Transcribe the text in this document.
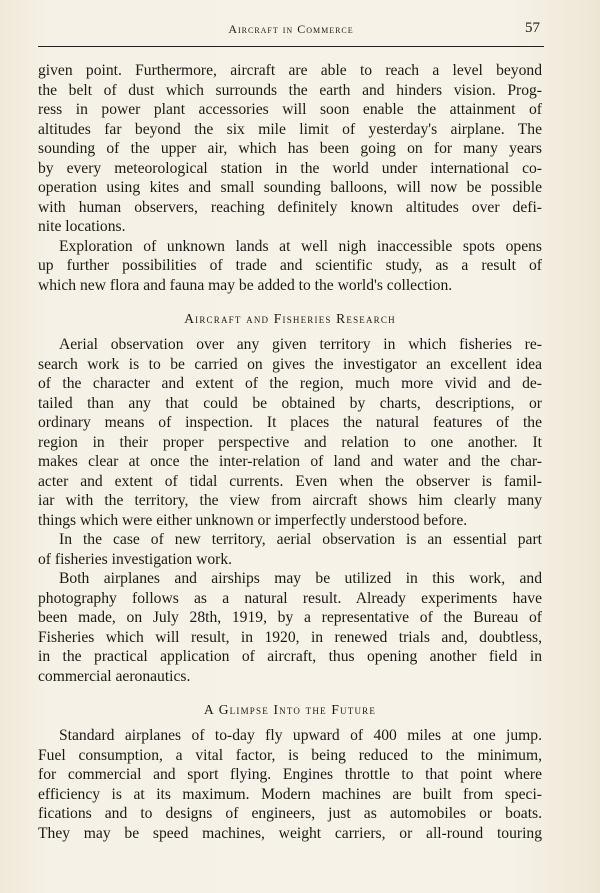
Aircraft in Commerce	57
given point. Furthermore, aircraft are able to reach a level beyond
the belt of dust which surrounds the earth and hinders vision. Prog-
ress in power plant accessories will soon enable the attainment of
altitudes far beyond the six mile limit of yesterday's airplane. The
sounding of the upper air, which has been going on for many years
by every meteorological station in the world under international co-
operation using kites and small sounding balloons, will now be possible
with human observers, reaching definitely known altitudes over defi-
nite locations.
Exploration of unknown lands at well nigh inaccessible spots opens
up further possibilities of trade and scientific study, as a result of
which new flora and fauna may be added to the world's collection.
Aircraft and Fisheries Research
Aerial observation over any given territory in which fisheries re-
search work is to be carried on gives the investigator an excellent idea
of the character and extent of the region, much more vivid and de-
tailed than any that could be obtained by charts, descriptions, or
ordinary means of inspection. It places the natural features of the
region in their proper perspective and relation to one another. It
makes clear at once the inter-relation of land and water and the char-
acter and extent of tidal currents. Even when the observer is famil-
iar with the territory, the view from aircraft shows him clearly many
things which were either unknown or imperfectly understood before.
In the case of new territory, aerial observation is an essential part
of fisheries investigation work.
Both airplanes and airships may be utilized in this work, and
photography follows as a natural result. Already experiments have
been made, on July 28th, 1919, by a representative of the Bureau of
Fisheries which will result, in 1920, in renewed trials and, doubtless,
in the practical application of aircraft, thus opening another field in
commercial aeronautics.
A Glimpse Into the Future
Standard airplanes of to-day fly upward of 400 miles at one jump.
Fuel consumption, a vital factor, is being reduced to the minimum,
for commercial and sport flying. Engines throttle to that point where
efficiency is at its maximum. Modern machines are built from speci-
fications and to designs of engineers, just as automobiles or boats.
They may be speed machines, weight carriers, or all-round touring
